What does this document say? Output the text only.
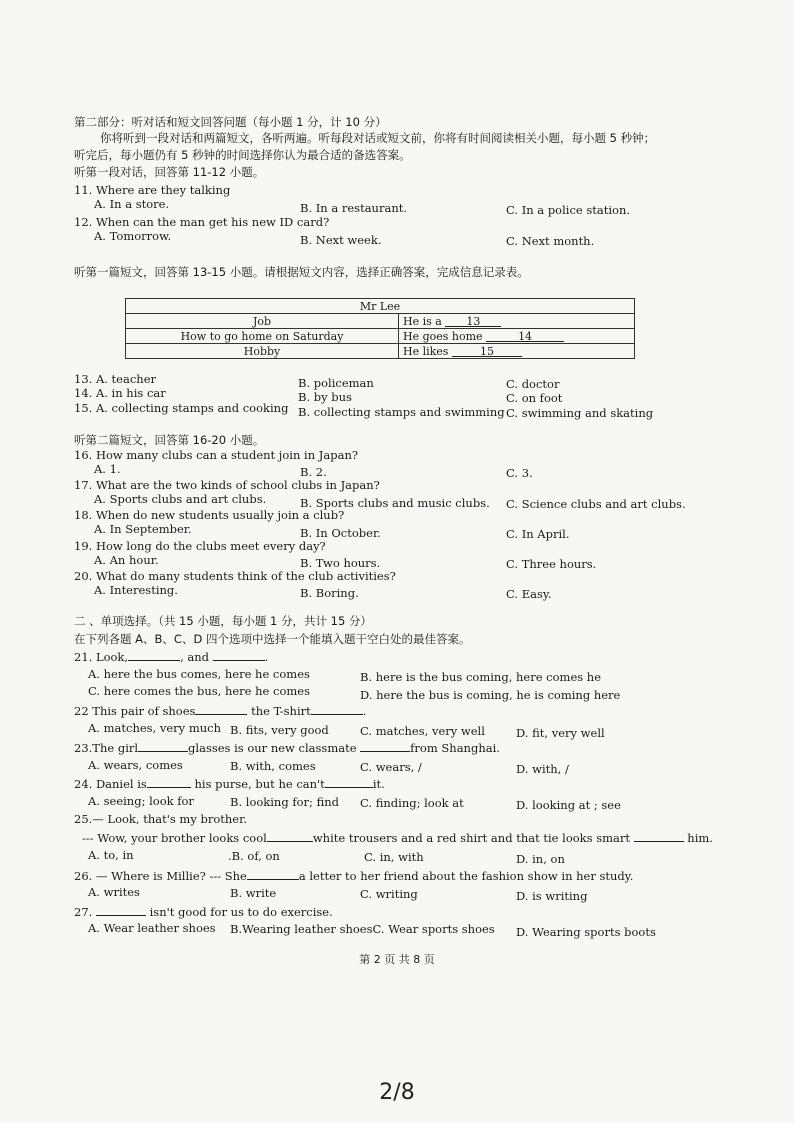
第二部分：听对话和短文回答问题（每小题 1 分，计 10 分）
你将听到一段对话和两篇短文，各听两遍。听每段对话或短文前，你将有时间阅读相关小题，每小题 5 秒钟；
听完后，每小题仍有 5 秒钟的时间选择你认为最合适的备选答案。
听第一段对话，回答第 11-12 小题。
11. Where are they talking
A. In a store.	B. In a restaurant.	C. In a police station.
12. When can the man get his new ID card?
A. Tomorrow.	B. Next week.	C. Next month.
听第一篇短文，回答第 13-15 小题。请根据短文内容，选择正确答案，完成信息记录表。
Mr Lee	
Job	He is a 13
How to go home on Saturday	He goes home 14
Hobby	He likes 15
13. A. teacher	B. policeman	C. doctor
14. A. in his car	B. by bus	C. on foot
15. A. collecting stamps and cooking B. collecting stamps and swimming C. swimming and skating
听第二篇短文，回答第 16-20 小题。
16. How many clubs can a student join in Japan?
A. 1.	B. 2.	C. 3.
17. What are the two kinds of school clubs in Japan?
A. Sports clubs and art clubs.	B. Sports clubs and music clubs. C. Science clubs and art clubs.
18. When do new students usually join a club?
A. In September.	B. In October.	C. In April.
19. How long do the clubs meet every day?
A. An hour.	B. Two hours.	C. Three hours.
20. What do many students think of the club activities?
A. Interesting.	B. Boring.	C. Easy.
二 、单项选择。（共 15 小题，每小题 1 分，共计 15 分）
在下列各题 A、B、C、D 四个选项中选择一个能填入题干空白处的最佳答案。
21. Look,	, and	.
A. here the bus comes, here he comes	B. here is the bus coming, here comes he
C. here comes the bus, here he comes	D. here the bus is coming, he is coming here
22 This pair of shoes	the T-shirt	.
A. matches, very much B. fits, very good	C. matches, very well	D. fit, very well
23.The girl	glasses is our new classmate	from Shanghai.
A. wears, comes	B. with, comes	C. wears, /	D. with, /
24. Daniel is	his purse, but he can't	it.
A. seeing; look for	B. looking for; find C. finding; look at	D. looking at ; see
25.— Look, that's my brother.
--- Wow, your brother looks cool	white trousers and a red shirt and that tie looks smart	him.
A. to, in	.B. of, on	C. in, with	D. in, on
26. — Where is Millie? --- She	a letter to her friend about the fashion show in her study.
A. writes	B. write	C. writing	D. is writing
27.	isn't good for us to do exercise.
A. Wear leather shoes B.Wearing leather shoesC. Wear sports shoes D. Wearing sports boots
第 2 页 共 8 页
2/8
